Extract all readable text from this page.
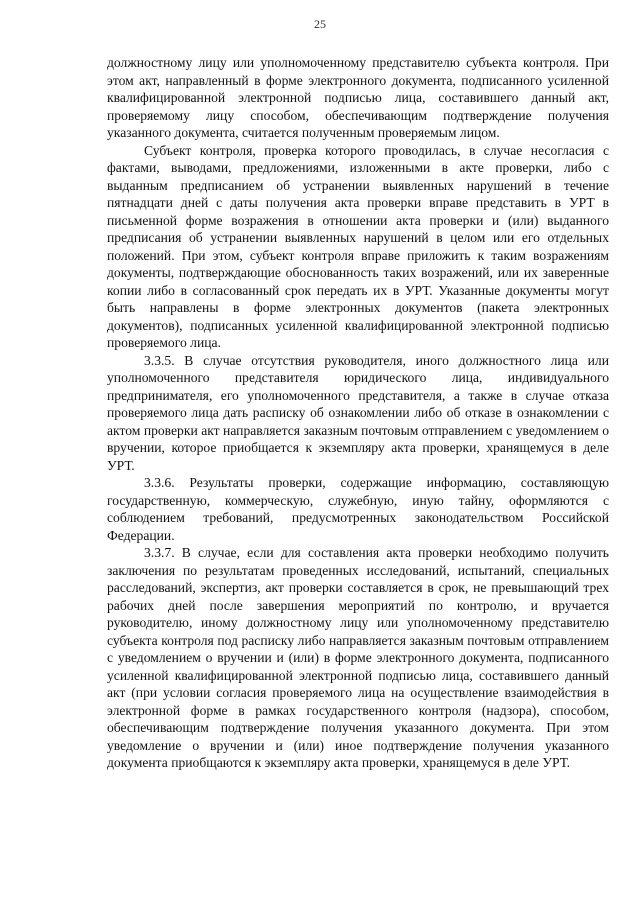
25

должностному лицу или уполномоченному представителю субъекта контроля. При этом акт, направленный в форме электронного документа, подписанного усиленной квалифицированной электронной подписью лица, составившего данный акт, проверяемому лицу способом, обеспечивающим подтверждение получения указанного документа, считается полученным проверяемым лицом.

Субъект контроля, проверка которого проводилась, в случае несогласия с фактами, выводами, предложениями, изложенными в акте проверки, либо с выданным предписанием об устранении выявленных нарушений в течение пятнадцати дней с даты получения акта проверки вправе представить в УРТ в письменной форме возражения в отношении акта проверки и (или) выданного предписания об устранении выявленных нарушений в целом или его отдельных положений. При этом, субъект контроля вправе приложить к таким возражениям документы, подтверждающие обоснованность таких возражений, или их заверенные копии либо в согласованный срок передать их в УРТ. Указанные документы могут быть направлены в форме электронных документов (пакета электронных документов), подписанных усиленной квалифицированной электронной подписью проверяемого лица.

3.3.5. В случае отсутствия руководителя, иного должностного лица или уполномоченного представителя юридического лица, индивидуального предпринимателя, его уполномоченного представителя, а также в случае отказа проверяемого лица дать расписку об ознакомлении либо об отказе в ознакомлении с актом проверки акт направляется заказным почтовым отправлением с уведомлением о вручении, которое приобщается к экземпляру акта проверки, хранящемуся в деле УРТ.

3.3.6. Результаты проверки, содержащие информацию, составляющую государственную, коммерческую, служебную, иную тайну, оформляются с соблюдением требований, предусмотренных законодательством Российской Федерации.

3.3.7. В случае, если для составления акта проверки необходимо получить заключения по результатам проведенных исследований, испытаний, специальных расследований, экспертиз, акт проверки составляется в срок, не превышающий трех рабочих дней после завершения мероприятий по контролю, и вручается руководителю, иному должностному лицу или уполномоченному представителю субъекта контроля под расписку либо направляется заказным почтовым отправлением с уведомлением о вручении и (или) в форме электронного документа, подписанного усиленной квалифицированной электронной подписью лица, составившего данный акт (при условии согласия проверяемого лица на осуществление взаимодействия в электронной форме в рамках государственного контроля (надзора), способом, обеспечивающим подтверждение получения указанного документа. При этом уведомление о вручении и (или) иное подтверждение получения указанного документа приобщаются к экземпляру акта проверки, хранящемуся в деле УРТ.
